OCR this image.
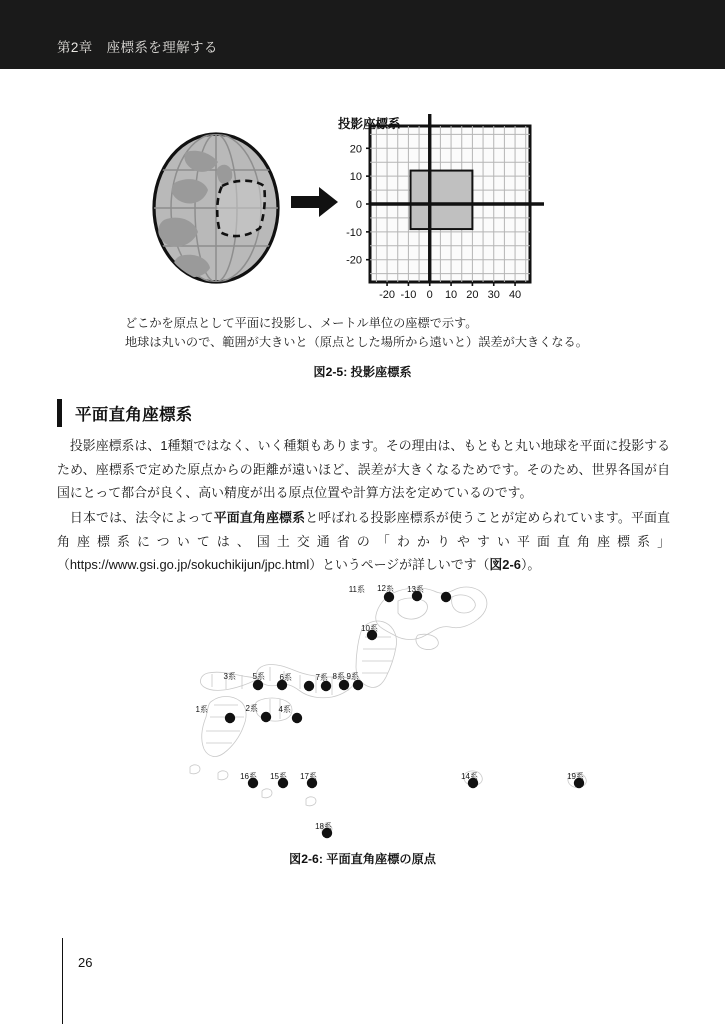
第2章　座標系を理解する
投影座標系
-20 -10 0 10 20 30 40
20
10
0
-10
-20
どこかを原点として平面に投影し、メートル単位の座標で示す。
地球は丸いので、範囲が大きいと（原点とした場所から遠いと）誤差が大きくなる。
図2-5: 投影座標系
平面直角座標系
投影座標系は、1種類ではなく、いく種類もあります。その理由は、もともと丸い地球を平面に投影するため、座標系で定めた原点からの距離が遠いほど、誤差が大きくなるためです。そのため、世界各国が自国にとって都合が良く、高い精度が出る原点位置や計算方法を定めているのです。
日本では、法令によって平面直角座標系と呼ばれる投影座標系が使うことが定められています。平面直角座標系については、国土交通省の「わかりやすい平面直角座標系」（https://www.gsi.go.jp/sokuchikijun/jpc.html）というページが詳しいです（図2-6）。
1系	2系
3系
4系
5系 6系	7系 8系 9系
10系
11系 12系 13系
14系
15系
16系	17系
18系
19系
図2-6: 平面直角座標の原点
26
